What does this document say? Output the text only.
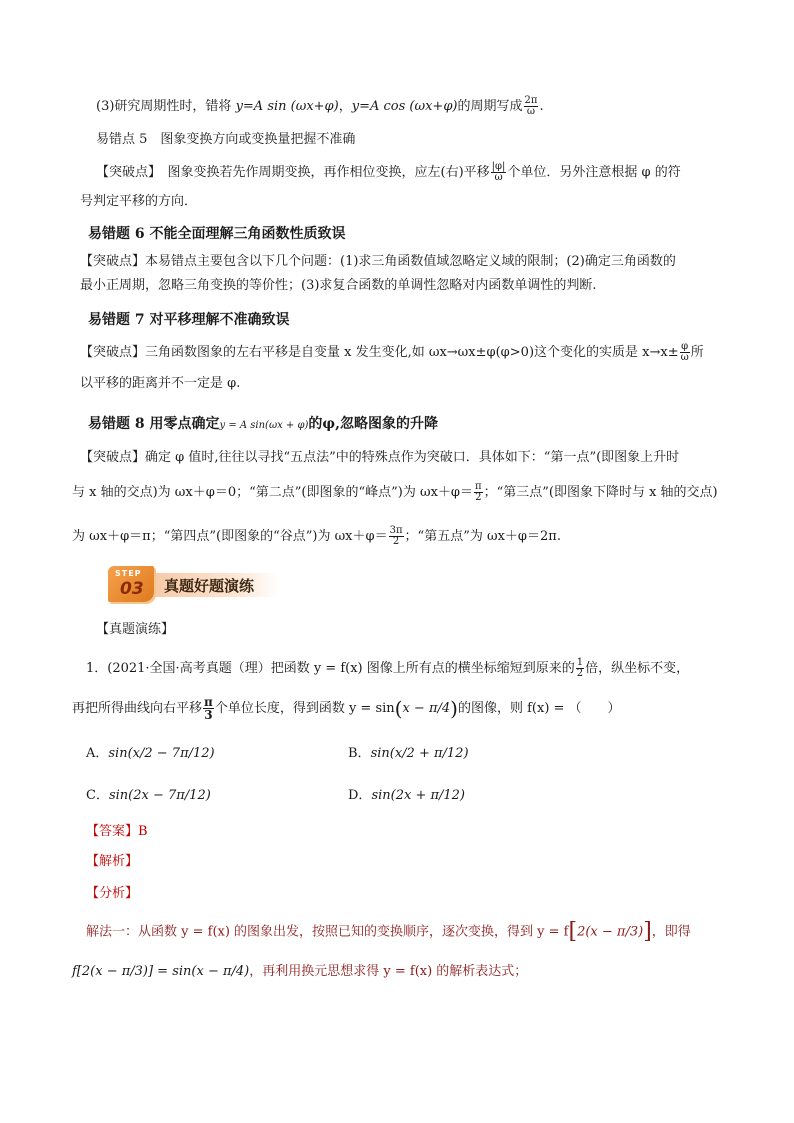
(3)研究周期性时，错将 y=A sin (ωx+φ)，y=A cos (ωx+φ)的周期写成 $\frac{2\pi}{\omega}$ .
易错点 5　图象变换方向或变换量把握不准确
【突破点】　图象变换若先作周期变换，再作相位变换，应左(右)平移 $\frac{|\varphi|}{\omega}$ 个单位．另外注意根据 φ 的符
号判定平移的方向．
易错题 6 不能全面理解三角函数性质致误
【突破点】本易错点主要包含以下几个问题：(1)求三角函数值域忽略定义域的限制；(2)确定三角函数的
最小正周期，忽略三角变换的等价性；(3)求复合函数的单调性忽略对内函数单调性的判断.
易错题 7 对平移理解不准确致误
【突破点】三角函数图象的左右平移是自变量 x 发生变化,如 ωx→ωx±φ(φ>0)这个变化的实质是 $x\to x\pm \frac{\varphi}{\omega}$ 所
以平移的距离并不一定是 φ.
易错题 8 用零点确定y = A sin(ωx + φ)的φ,忽略图象的升降
【突破点】确定 φ 值时,往往以寻找“五点法”中的特殊点作为突破口．具体如下：“第一点”(即图象上升时
与 x 轴的交点)为 ωx＋φ＝0；“第二点”(即图象的“峰点”)为 $\omega x+\varphi= \frac{\pi}{2}$ ；“第三点”(即图象下降时与 x 轴的交点)
为 ωx＋φ＝π；“第四点”(即图象的“谷点”)为 $\omega x+\varphi= \frac{3\pi}{2}$ ；“第五点”为 ωx＋φ＝2π.
STEP
03 真题好题演练
【真题演练】
1．(2021·全国·高考真题（理）把函数 y = f(x) 图像上所有点的横坐标缩短到原来的 $\frac{1}{2}$ 倍，纵坐标不变，
再把所得曲线向右平移 $\frac{\pi}{3}$ 个单位长度，得到函数 y = sin(x − π/4)的图像，则 f(x) = （　　）
A．sin(x/2 − 7π/12)	B．sin(x/2 + π/12)
C．sin(2x − 7π/12)	D．sin(2x + π/12)
【答案】B
【解析】
【分析】
解法一：从函数 y = f(x) 的图象出发，按照已知的变换顺序，逐次变换，得到 y = f[2(x − π/3)]，即得
f[2(x − π/3)] = sin(x − π/4)，再利用换元思想求得 y = f(x) 的解析表达式；
